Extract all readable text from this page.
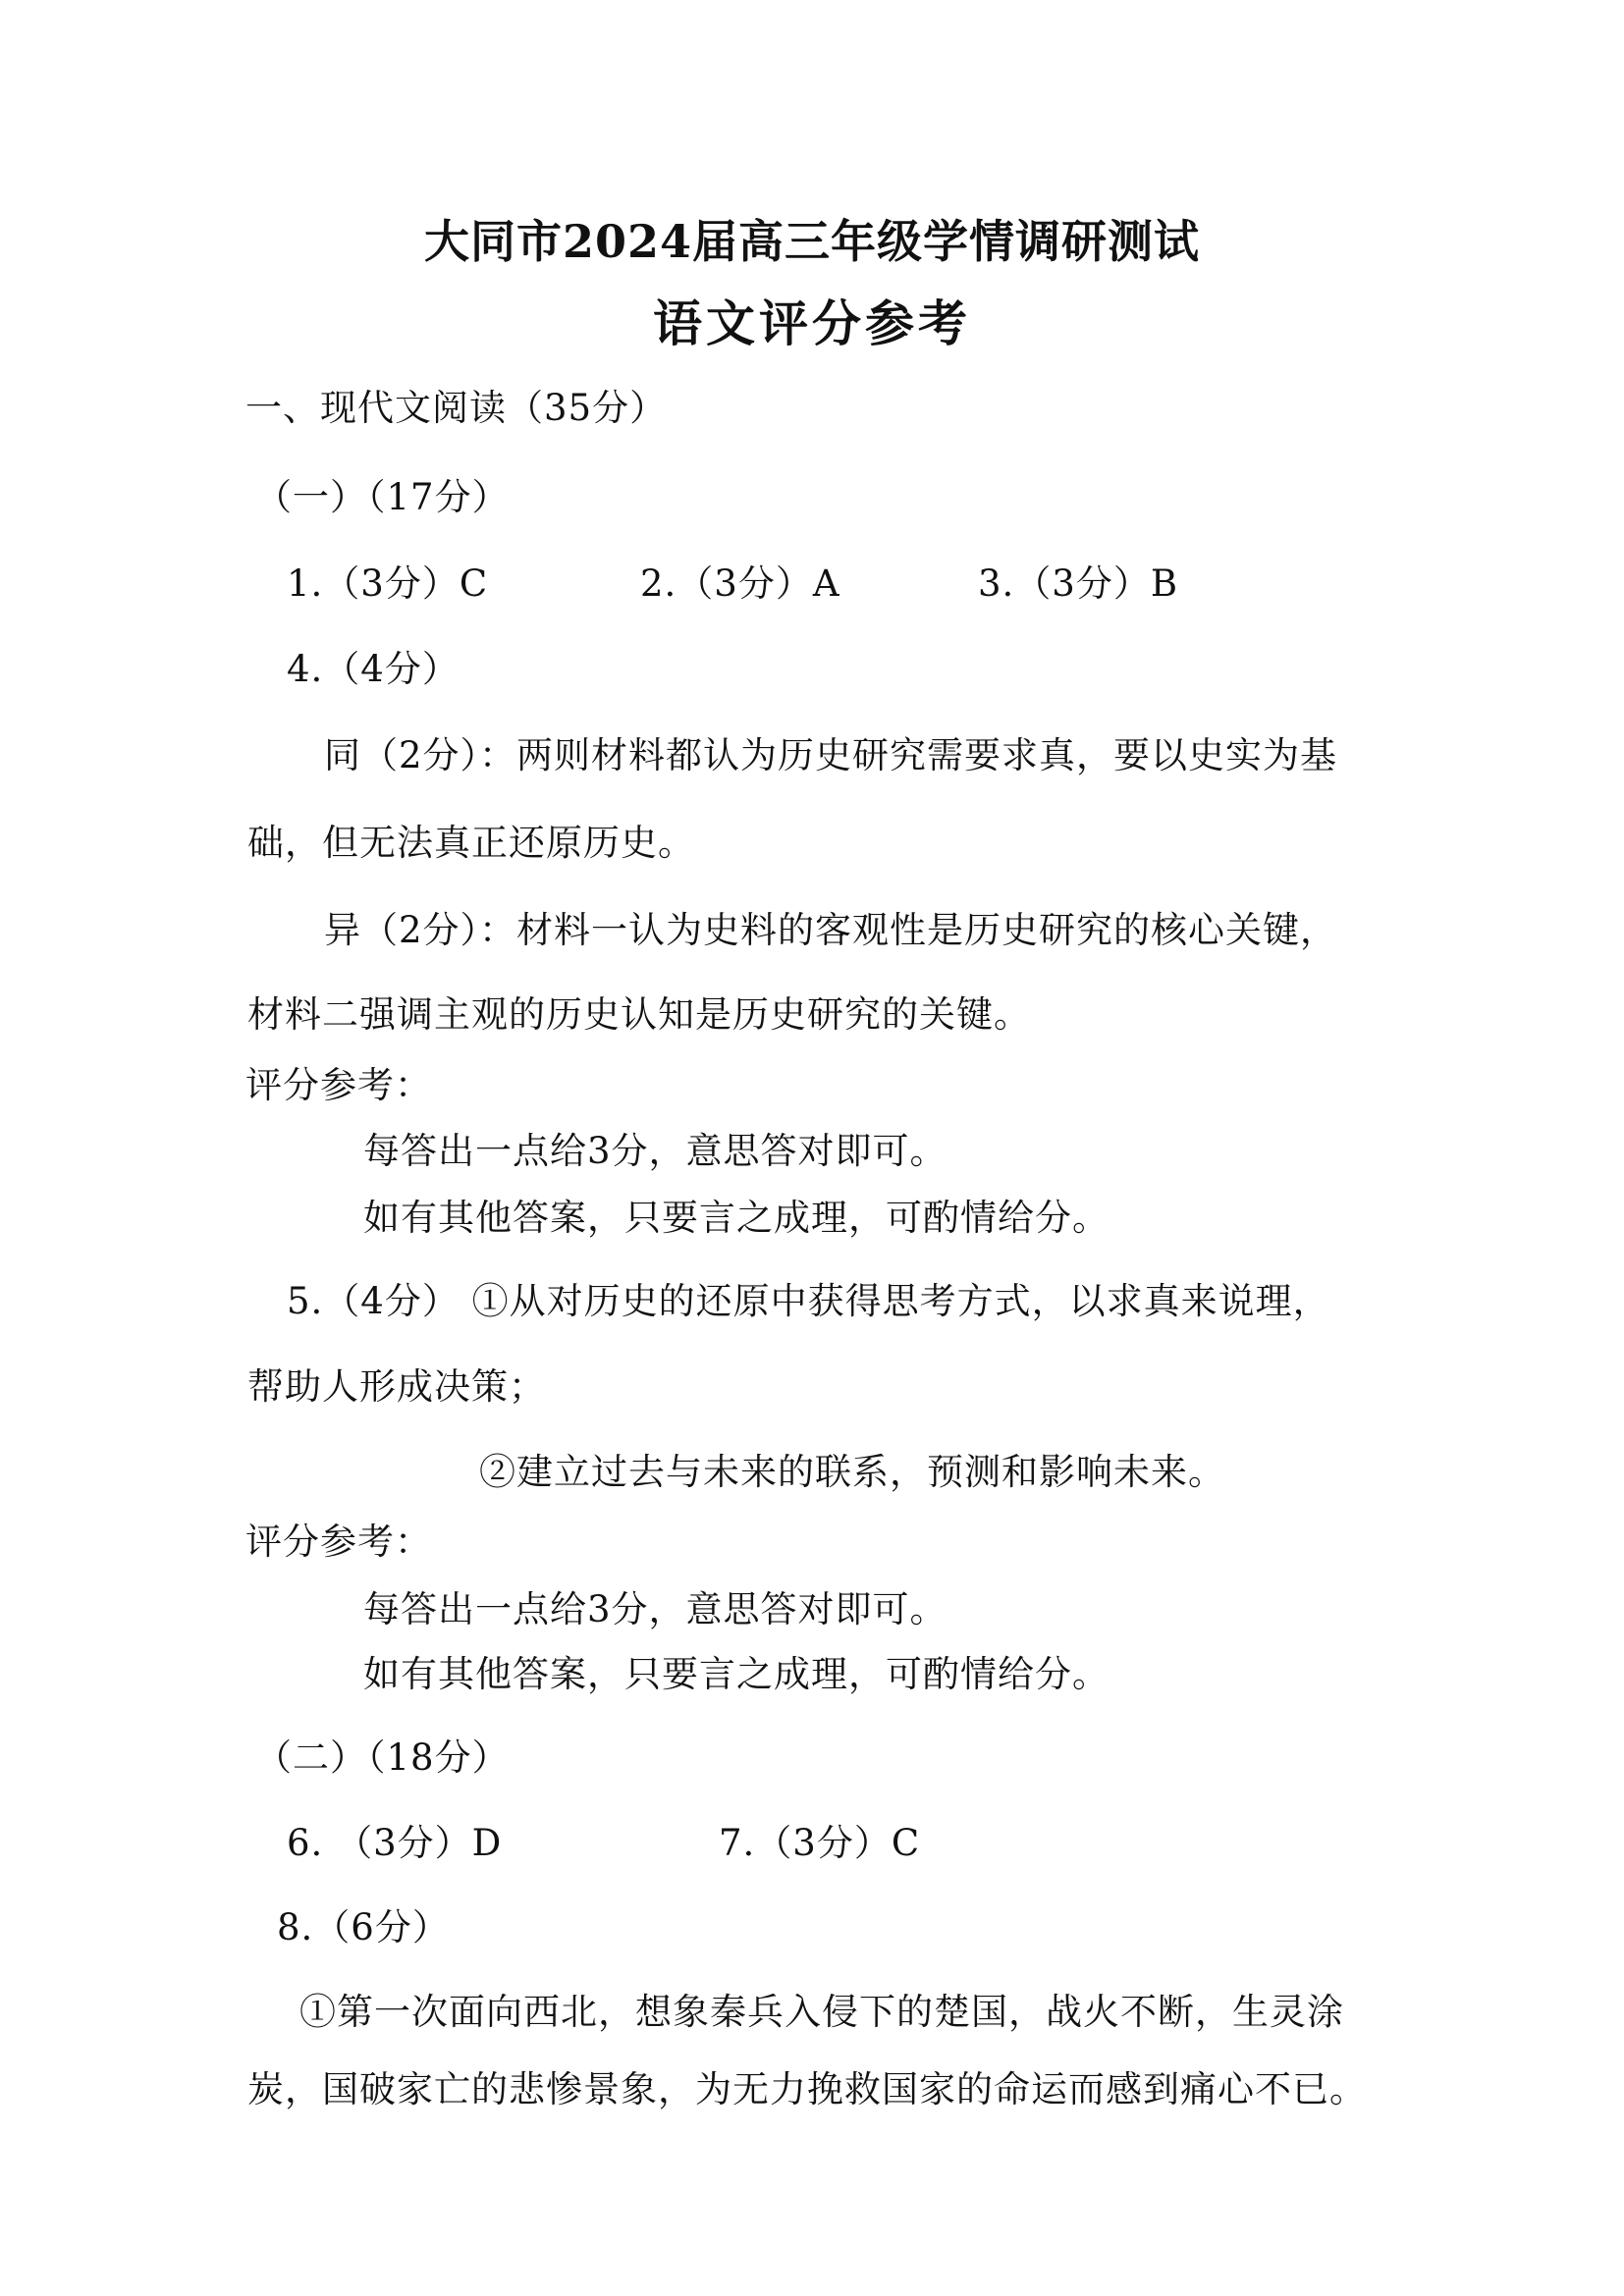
大同市2024届高三年级学情调研测试
语文评分参考
一、现代文阅读（35分）
（一）（17分）
1.（3分）C	2.（3分）A	3.（3分）B
4.（4分）
同（2分）：两则材料都认为历史研究需要求真，要以史实为基
础，但无法真正还原历史。
异（2分）：材料一认为史料的客观性是历史研究的核心关键，
材料二强调主观的历史认知是历史研究的关键。
评分参考：
每答出一点给3分，意思答对即可。
如有其他答案，只要言之成理，可酌情给分。
5.（4分） ①从对历史的还原中获得思考方式，以求真来说理，
帮助人形成决策；
②建立过去与未来的联系，预测和影响未来。
评分参考：
每答出一点给3分，意思答对即可。
如有其他答案，只要言之成理，可酌情给分。
（二）（18分）
6. （3分）D	7.（3分）C
8.（6分）
①第一次面向西北，想象秦兵入侵下的楚国，战火不断，生灵涂
炭，国破家亡的悲惨景象，为无力挽救国家的命运而感到痛心不已。
